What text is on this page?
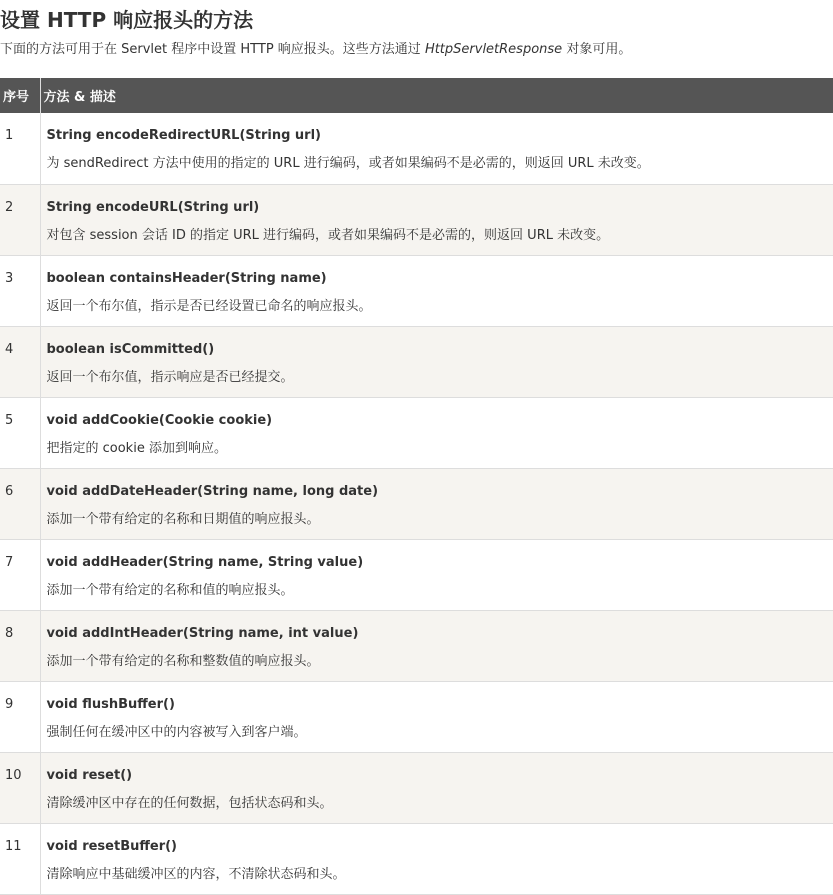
设置 HTTP 响应报头的方法

下面的方法可用于在 Servlet 程序中设置 HTTP 响应报头。这些方法通过 HttpServletResponse 对象可用。

序号	方法 & 描述
1	String encodeRedirectURL(String url)
为 sendRedirect 方法中使用的指定的 URL 进行编码，或者如果编码不是必需的，则返回 URL 未改变。

2	String encodeURL(String url)
对包含 session 会话 ID 的指定 URL 进行编码，或者如果编码不是必需的，则返回 URL 未改变。

3	boolean containsHeader(String name)
返回一个布尔值，指示是否已经设置已命名的响应报头。

4	boolean isCommitted()
返回一个布尔值，指示响应是否已经提交。

5	void addCookie(Cookie cookie)
把指定的 cookie 添加到响应。

6	void addDateHeader(String name, long date)
添加一个带有给定的名称和日期值的响应报头。

7	void addHeader(String name, String value)
添加一个带有给定的名称和值的响应报头。

8	void addIntHeader(String name, int value)
添加一个带有给定的名称和整数值的响应报头。

9	void flushBuffer()
强制任何在缓冲区中的内容被写入到客户端。

10	void reset()
清除缓冲区中存在的任何数据，包括状态码和头。

11	void resetBuffer()
清除响应中基础缓冲区的内容，不清除状态码和头。
